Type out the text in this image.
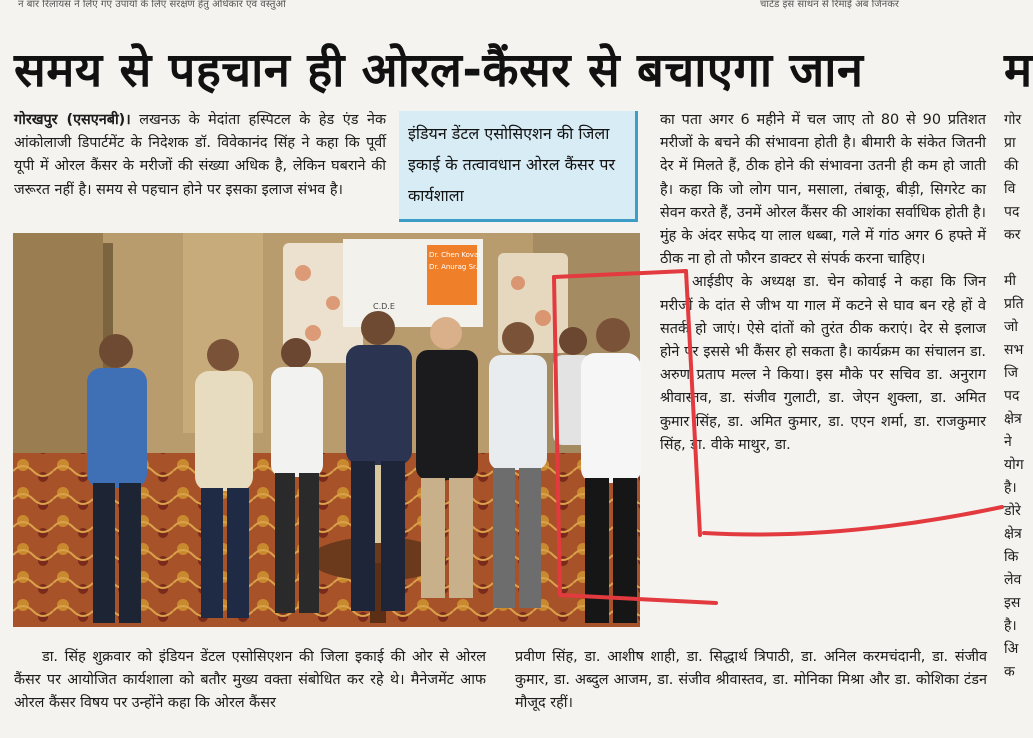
न बार रिलायंस ने लिए गए उपायों के लिए संरक्षण हेतु अधिकार एवं वस्तुओं	चार्टड इस साथन से रिमाई अब जिनकर
समय से पहचान ही ओरल-कैंसर से बचाएगा जान	म
गोरखपुर (एसएनबी)। लखनऊ के मेदांता हस्पिटल के हेड एंड नेक आंकोलाजी डिपार्टमेंट के निदेशक डॉ. विवेकानंद सिंह ने कहा कि पूर्वी यूपी में ओरल कैंसर के मरीजों की संख्या अधिक है, लेकिन घबराने की जरूरत नहीं है। समय से पहचान होने पर इसका इलाज संभव है।
इंडियन डेंटल एसोसिएशन की जिला इकाई के तत्वावधान ओरल कैंसर पर कार्यशाला

का पता अगर 6 महीने में चल जाए तो 80 से 90 प्रतिशत मरीजों के बचने की संभावना होती है। बीमारी के संकेत जितनी देर में मिलते हैं, ठीक होने की संभावना उतनी ही कम हो जाती है। कहा कि जो लोग पान, मसाला, तंबाकू, बीड़ी, सिगरेट का सेवन करते हैं, उनमें ओरल कैंसर की आशंका सर्वाधिक होती है। मुंह के अंदर सफेद या लाल धब्बा, गले में गांठ अगर 6 हफ्ते में ठीक ना हो तो फौरन डाक्टर से संपर्क करना चाहिए।

आईडीए के अध्यक्ष डा. चेन कोवाई ने कहा कि जिन मरीजों के दांत से जीभ या गाल में कटने से घाव बन रहे हों वे सतर्क हो जाएं। ऐसे दांतों को तुरंत ठीक कराएं। देर से इलाज होने पर इससे भी कैंसर हो सकता है। कार्यक्रम का संचालन डा. अरुण प्रताप मल्ल ने किया। इस मौके पर सचिव डा. अनुराग श्रीवास्तव, डा. संजीव गुलाटी, डा. जेएन शुक्ला, डा. अमित कुमार सिंह, डा. अमित कुमार, डा. एएन शर्मा, डा. राजकुमार सिंह, डा. वीके माथुर, डा.

Dr. Chen Kovai
Dr. Anurag Sr.
C.D.E
डा. सिंह शुक्रवार को इंडियन डेंटल एसोसिएशन की जिला इकाई की ओर से ओरल कैंसर पर आयोजित कार्यशाला को बतौर मुख्य वक्ता संबोधित कर रहे थे। मैनेजमेंट आफ ओरल कैंसर विषय पर उन्होंने कहा कि ओरल कैंसर
प्रवीण सिंह, डा. आशीष शाही, डा. सिद्धार्थ त्रिपाठी, डा. अनिल करमचंदानी, डा. संजीव कुमार, डा. अब्दुल आजम, डा. संजीव श्रीवास्तव, डा. मोनिका मिश्रा और डा. कोशिका टंडन मौजूद रहीं।
गोर
प्रा
की
वि
पद
कर

मी
प्रति
जो
सभ
जि
पद
क्षेत्र
ने
योग
है।
डोरे
क्षेत्र
कि
लेव
इस
है।
अि
क
